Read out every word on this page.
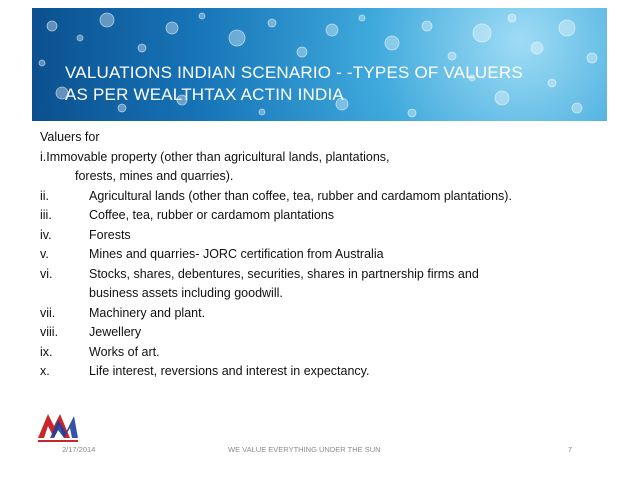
VALUATIONS INDIAN SCENARIO - -TYPES OF VALUERS
AS PER WEALTHTAX ACTIN INDIA
Valuers for
i.Immovable property (other than agricultural lands, plantations,
forests, mines and quarries).
ii.	Agricultural lands (other than coffee, tea, rubber and cardamom plantations).
iii.	Coffee, tea, rubber or cardamom plantations
iv.	Forests
v.	Mines and quarries- JORC certification from Australia
vi.	Stocks, shares, debentures, securities, shares in partnership firms and
business assets including goodwill.
vii.	Machinery and plant.
viii. Jewellery
ix.	Works of art.
x.	Life interest, reversions and interest in expectancy.
2/17/2014	WE VALUE EVERYTHING UNDER THE SUN	7
